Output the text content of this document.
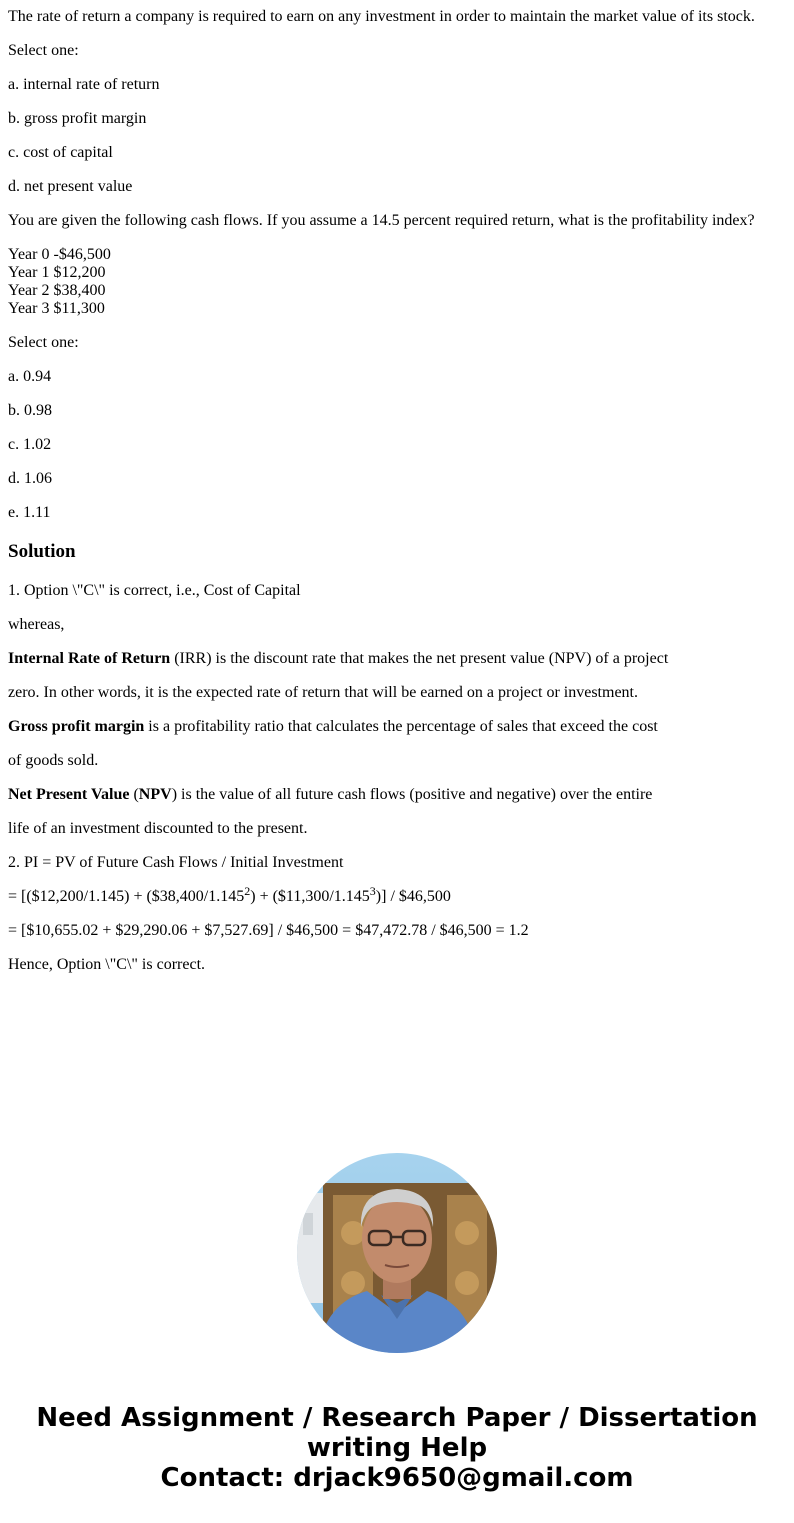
The rate of return a company is required to earn on any investment in order to maintain the market value of its stock.

Select one:

a. internal rate of return

b. gross profit margin

c. cost of capital

d. net present value

You are given the following cash flows. If you assume a 14.5 percent required return, what is the profitability index?

Year 0 -$46,500
Year 1 $12,200
Year 2 $38,400
Year 3 $11,300

Select one:

a. 0.94

b. 0.98

c. 1.02

d. 1.06

e. 1.11

Solution

1. Option \"C\" is correct, i.e., Cost of Capital

whereas,

Internal Rate of Return (IRR) is the discount rate that makes the net present value (NPV) of a project

zero. In other words, it is the expected rate of return that will be earned on a project or investment.

Gross profit margin is a profitability ratio that calculates the percentage of sales that exceed the cost

of goods sold.

Net Present Value (NPV) is the value of all future cash flows (positive and negative) over the entire

life of an investment discounted to the present.

2. PI = PV of Future Cash Flows / Initial Investment

= [($12,200/1.145) + $(\$38,400/1.145^2)$ + $(\$11,300/1.145^3)$] / $46,500

= [$10,655.02 + $29,290.06 + $7,527.69] / $46,500 = $47,472.78 / $46,500 = 1.2

Hence, Option \"C\" is correct.

Need Assignment / Research Paper / Dissertation
writing Help
Contact: drjack9650@gmail.com
